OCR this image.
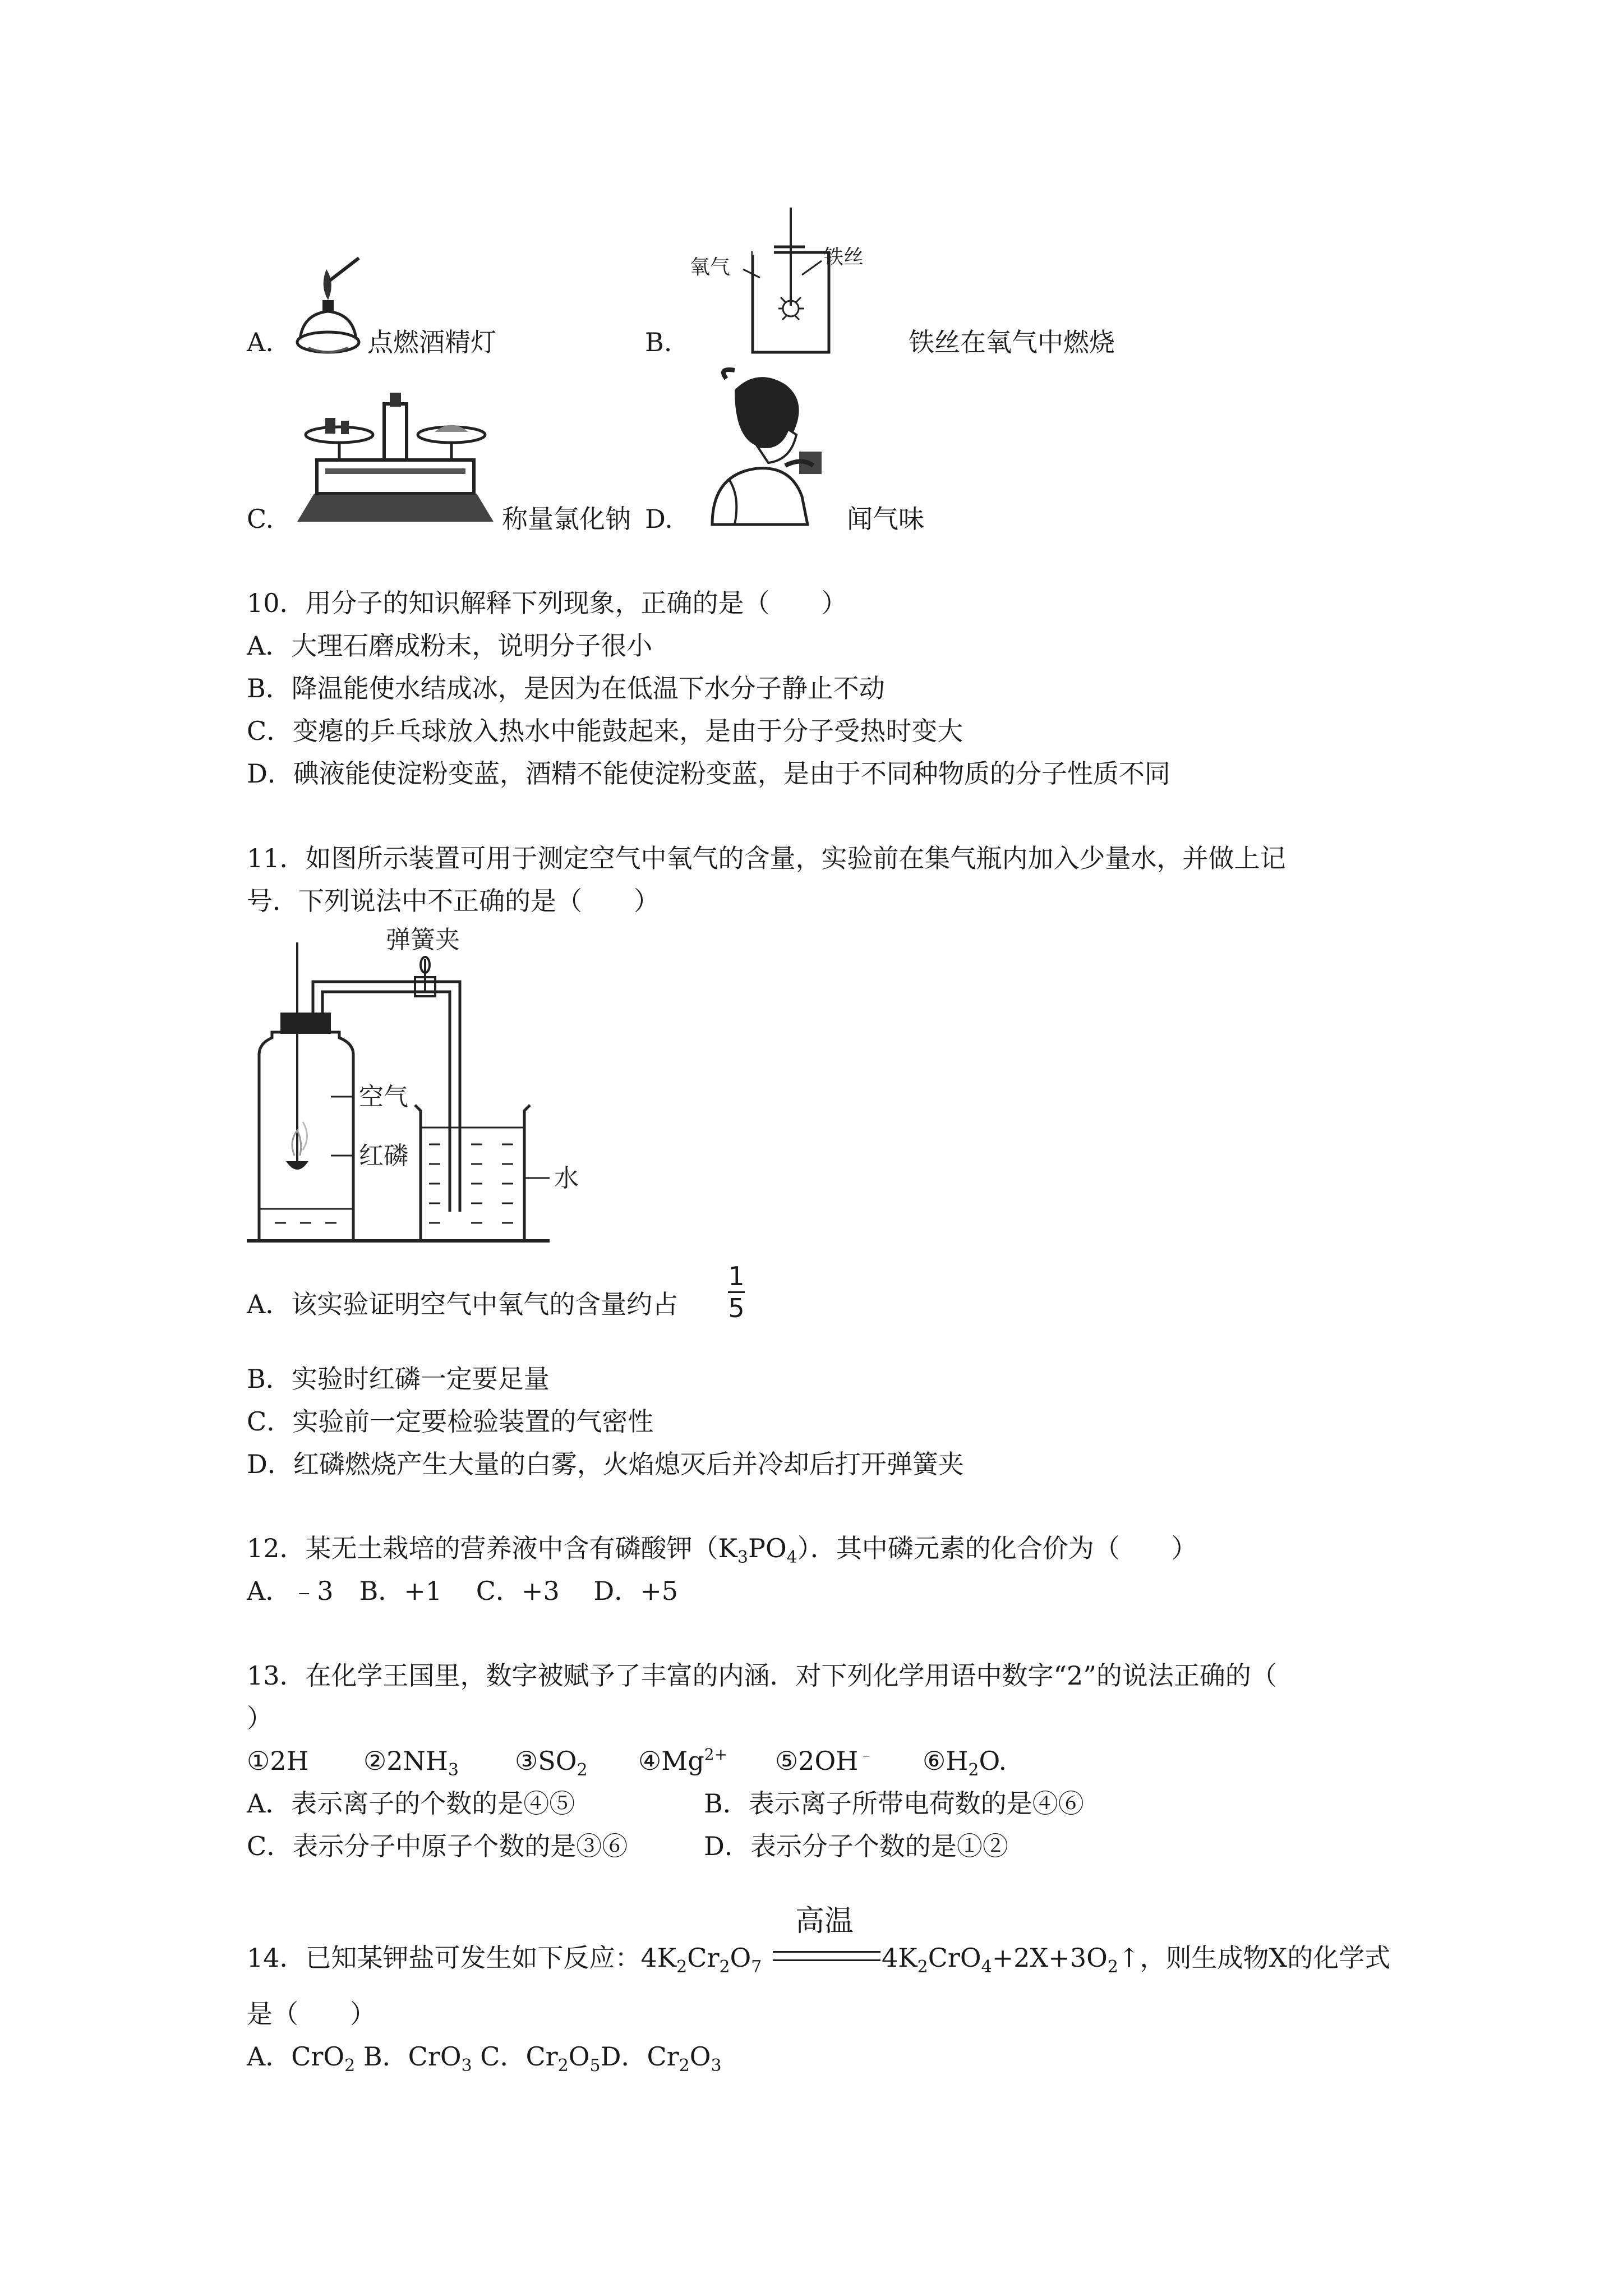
A.	点燃酒精灯	B.
氧气	铁丝
铁丝在氧气中燃烧
C.	称量氯化钠 D.	闻气味

10．用分子的知识解释下列现象，正确的是（　　）

A．大理石磨成粉末，说明分子很小

B．降温能使水结成冰，是因为在低温下水分子静止不动

C．变瘪的乒乓球放入热水中能鼓起来，是由于分子受热时变大

D．碘液能使淀粉变蓝，酒精不能使淀粉变蓝，是由于不同种物质的分子性质不同

11．如图所示装置可用于测定空气中氧气的含量，实验前在集气瓶内加入少量水，并做上记

号．下列说法中不正确的是（　　）

空气
红磷
弹簧夹
水

A．该实验证明空气中氧气的含量约占

1
5

B．实验时红磷一定要足量

C．实验前一定要检验装置的气密性

D．红磷燃烧产生大量的白雾，火焰熄灭后并冷却后打开弹簧夹

12．某无土栽培的营养液中含有磷酸钾$(K_3PO_4)$．其中磷元素的化合价为（　　）

A．﹣3　B．+1　 C．+3　 D．+5

13．在化学王国里，数字被赋予了丰富的内涵．对下列化学用语中数字“2”的说法正确的（

）

①2H $②2NH_3$ $③SO_2$ $④Mg^{2+}$ ⑤2OH﹣ $⑥H_2O$.
A．表示离子的个数的是④⑤	B．表示离子所带电荷数的是④⑥
C．表示分子中原子个数的是③⑥	D．表示分子个数的是①②
14．已知某钾盐可发生如下反应：$4K_2Cr_2O_7$
高温
$4K_2CrO_4+2X+3O_2↑$，则生成物X的化学式

是（　　）

A．CrO$_2$ B．CrO$_3$ C．$Cr_2O_5D$．$Cr_2O_3$
